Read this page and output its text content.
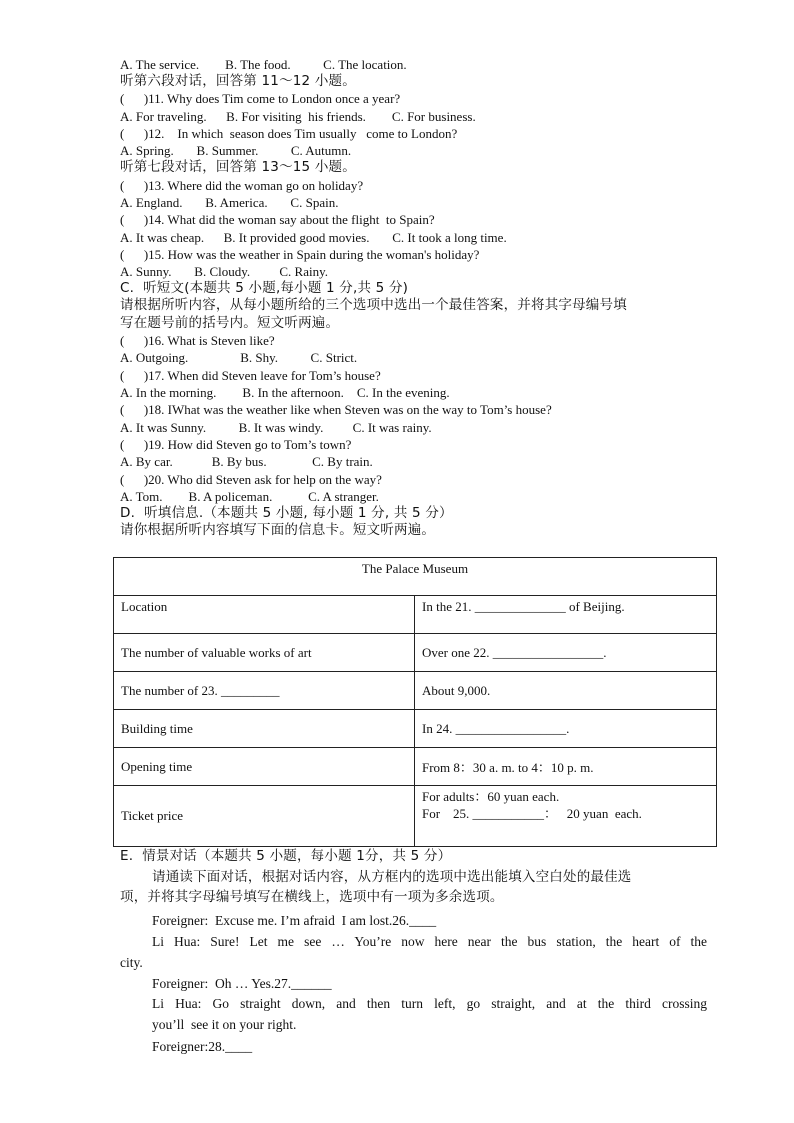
A. The service.        B. The food.          C. The location.
听第六段对话，回答第 11～12 小题。
(      )11. Why does Tim come to London once a year?
A. For traveling.      B. For visiting  his friends.        C. For business.
(      )12.    In which  season does Tim usually   come to London?
A. Spring.       B. Summer.          C. Autumn.
听第七段对话，回答第 13～15 小题。
(      )13. Where did the woman go on holiday?
A. England.       B. America.       C. Spain.
(      )14. What did the woman say about the flight  to Spain?
A. It was cheap.      B. It provided good movies.       C. It took a long time.
(      )15. How was the weather in Spain during the woman's holiday?
A. Sunny.       B. Cloudy.         C. Rainy.
C.  听短文(本题共 5 小题,每小题 1 分,共 5 分)
请根据所听内容，从每小题所给的三个选项中选出一个最佳答案，并将其字母编号填
写在题号前的括号内。短文听两遍。
(      )16. What is Steven like?
A. Outgoing.                B. Shy.          C. Strict.
(      )17. When did Steven leave for Tom’s house?
A. In the morning.        B. In the afternoon.    C. In the evening.
(      )18. IWhat was the weather like when Steven was on the way to Tom’s house?
A. It was Sunny.          B. It was windy.         C. It was rainy.
(      )19. How did Steven go to Tom’s town?
A. By car.            B. By bus.              C. By train.
(      )20. Who did Steven ask for help on the way?
A. Tom.        B. A policeman.           C. A stranger.
D.  听填信息.（本题共 5 小题, 每小题 1 分, 共 5 分）
请你根据所听内容填写下面的信息卡。短文听两遍。
The Palace Museum	
Location	In the 21. ______________ of Beijing.
The number of valuable works of art	Over one 22. _________________.
The number of 23. _________	About 9,000.
Building time	In 24. _________________.
Opening time	From 8：30 a. m. to 4：10 p. m.
Ticket price	For adults：60 yuan each.
For    25. ___________：   20 yuan  each.
E.  情景对话（本题共 5 小题，每小题 1分，共 5 分）
请通读下面对话，根据对话内容，从方框内的选项中选出能填入空白处的最佳选
项，并将其字母编号填写在横线上，选项中有一项为多余选项。
Foreigner:  Excuse me. I’m afraid  I am lost.26.____
Li Hua: Sure! Let me see … You’re now here near the bus station, the heart of the
city.
Foreigner:  Oh … Yes.27.______
Li Hua: Go straight down, and then turn left, go straight, and at the third crossing
you’ll  see it on your right.
Foreigner:28.____
